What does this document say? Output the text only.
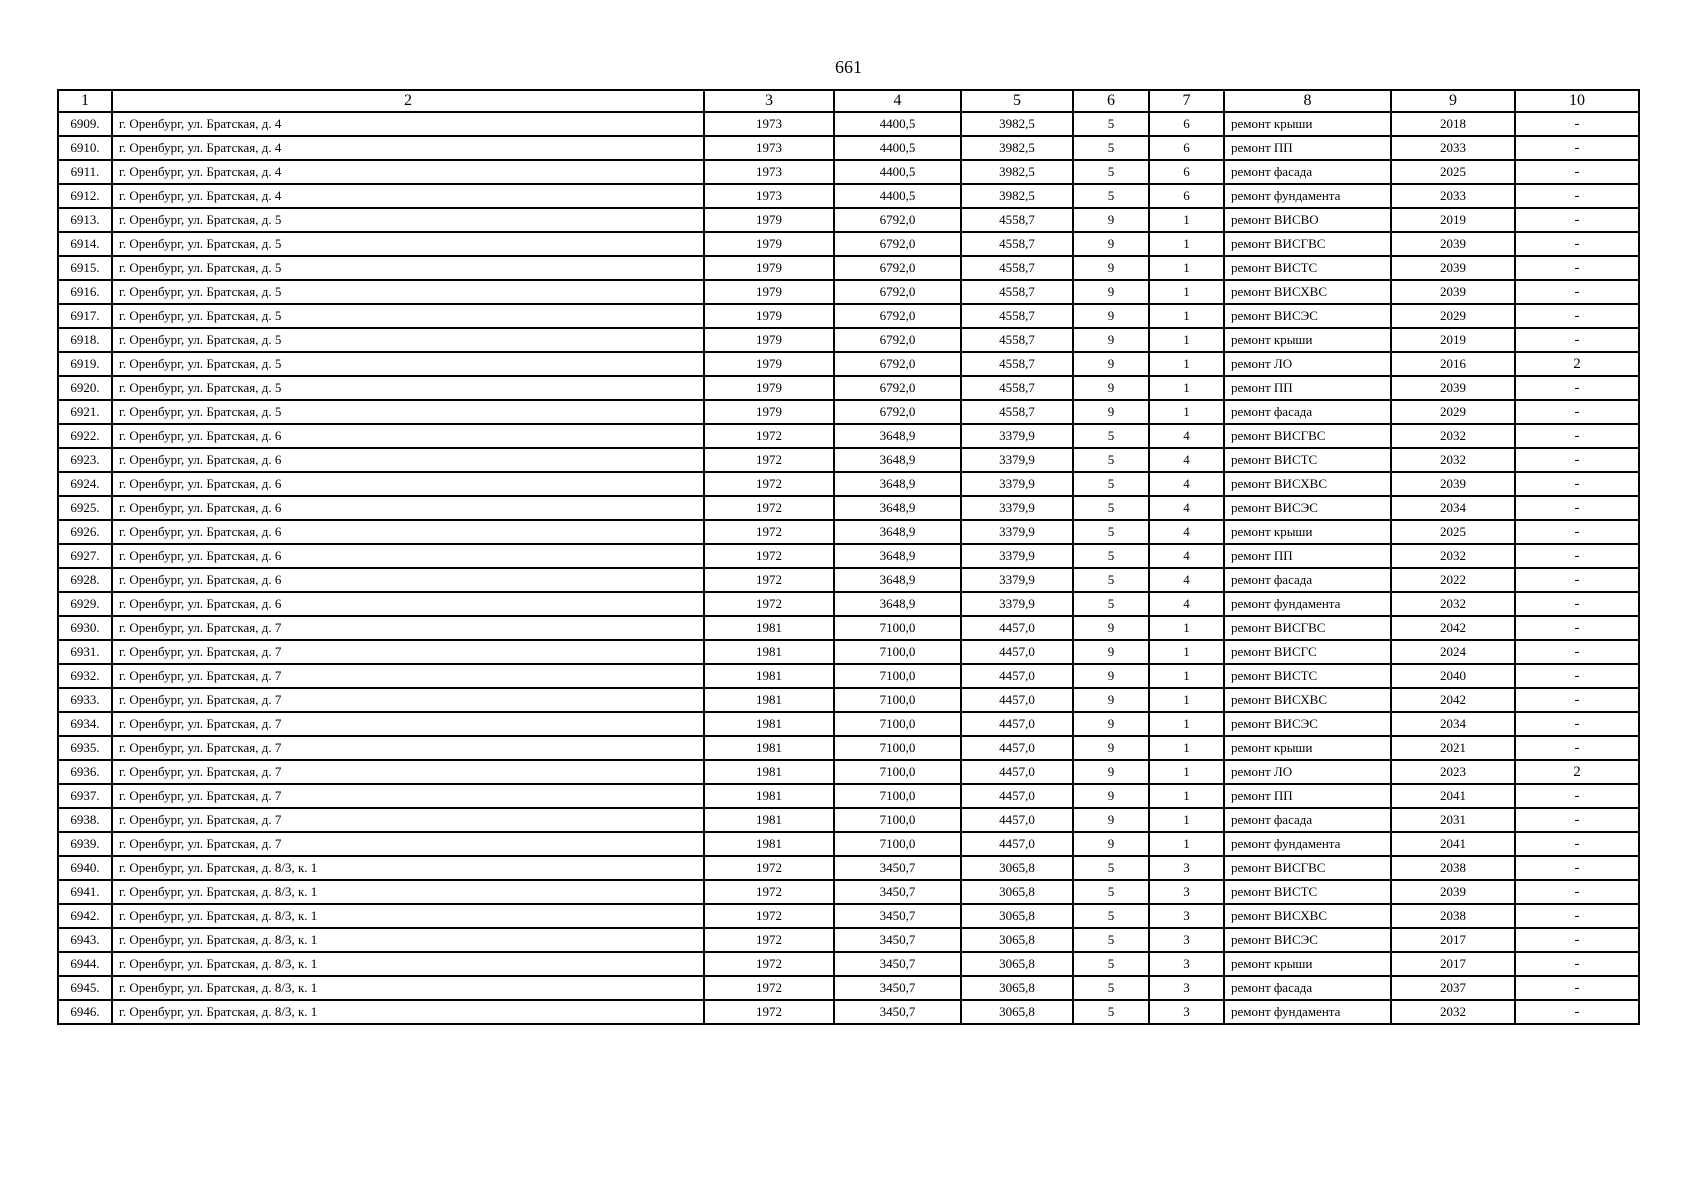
661
1	2	3	4	5	6	7	8	9	10
6909.	г. Оренбург, ул. Братская, д. 4	1973	4400,5	3982,5	5	6	ремонт крыши	2018	-
6910.	г. Оренбург, ул. Братская, д. 4	1973	4400,5	3982,5	5	6	ремонт ПП	2033	-
6911.	г. Оренбург, ул. Братская, д. 4	1973	4400,5	3982,5	5	6	ремонт фасада	2025	-
6912.	г. Оренбург, ул. Братская, д. 4	1973	4400,5	3982,5	5	6	ремонт фундамента	2033	-
6913.	г. Оренбург, ул. Братская, д. 5	1979	6792,0	4558,7	9	1	ремонт ВИСВО	2019	-
6914.	г. Оренбург, ул. Братская, д. 5	1979	6792,0	4558,7	9	1	ремонт ВИСГВС	2039	-
6915.	г. Оренбург, ул. Братская, д. 5	1979	6792,0	4558,7	9	1	ремонт ВИСТС	2039	-
6916.	г. Оренбург, ул. Братская, д. 5	1979	6792,0	4558,7	9	1	ремонт ВИСХВС	2039	-
6917.	г. Оренбург, ул. Братская, д. 5	1979	6792,0	4558,7	9	1	ремонт ВИСЭС	2029	-
6918.	г. Оренбург, ул. Братская, д. 5	1979	6792,0	4558,7	9	1	ремонт крыши	2019	-
6919.	г. Оренбург, ул. Братская, д. 5	1979	6792,0	4558,7	9	1	ремонт ЛО	2016	2
6920.	г. Оренбург, ул. Братская, д. 5	1979	6792,0	4558,7	9	1	ремонт ПП	2039	-
6921.	г. Оренбург, ул. Братская, д. 5	1979	6792,0	4558,7	9	1	ремонт фасада	2029	-
6922.	г. Оренбург, ул. Братская, д. 6	1972	3648,9	3379,9	5	4	ремонт ВИСГВС	2032	-
6923.	г. Оренбург, ул. Братская, д. 6	1972	3648,9	3379,9	5	4	ремонт ВИСТС	2032	-
6924.	г. Оренбург, ул. Братская, д. 6	1972	3648,9	3379,9	5	4	ремонт ВИСХВС	2039	-
6925.	г. Оренбург, ул. Братская, д. 6	1972	3648,9	3379,9	5	4	ремонт ВИСЭС	2034	-
6926.	г. Оренбург, ул. Братская, д. 6	1972	3648,9	3379,9	5	4	ремонт крыши	2025	-
6927.	г. Оренбург, ул. Братская, д. 6	1972	3648,9	3379,9	5	4	ремонт ПП	2032	-
6928.	г. Оренбург, ул. Братская, д. 6	1972	3648,9	3379,9	5	4	ремонт фасада	2022	-
6929.	г. Оренбург, ул. Братская, д. 6	1972	3648,9	3379,9	5	4	ремонт фундамента	2032	-
6930.	г. Оренбург, ул. Братская, д. 7	1981	7100,0	4457,0	9	1	ремонт ВИСГВС	2042	-
6931.	г. Оренбург, ул. Братская, д. 7	1981	7100,0	4457,0	9	1	ремонт ВИСГС	2024	-
6932.	г. Оренбург, ул. Братская, д. 7	1981	7100,0	4457,0	9	1	ремонт ВИСТС	2040	-
6933.	г. Оренбург, ул. Братская, д. 7	1981	7100,0	4457,0	9	1	ремонт ВИСХВС	2042	-
6934.	г. Оренбург, ул. Братская, д. 7	1981	7100,0	4457,0	9	1	ремонт ВИСЭС	2034	-
6935.	г. Оренбург, ул. Братская, д. 7	1981	7100,0	4457,0	9	1	ремонт крыши	2021	-
6936.	г. Оренбург, ул. Братская, д. 7	1981	7100,0	4457,0	9	1	ремонт ЛО	2023	2
6937.	г. Оренбург, ул. Братская, д. 7	1981	7100,0	4457,0	9	1	ремонт ПП	2041	-
6938.	г. Оренбург, ул. Братская, д. 7	1981	7100,0	4457,0	9	1	ремонт фасада	2031	-
6939.	г. Оренбург, ул. Братская, д. 7	1981	7100,0	4457,0	9	1	ремонт фундамента	2041	-
6940.	г. Оренбург, ул. Братская, д. 8/3, к. 1	1972	3450,7	3065,8	5	3	ремонт ВИСГВС	2038	-
6941.	г. Оренбург, ул. Братская, д. 8/3, к. 1	1972	3450,7	3065,8	5	3	ремонт ВИСТС	2039	-
6942.	г. Оренбург, ул. Братская, д. 8/3, к. 1	1972	3450,7	3065,8	5	3	ремонт ВИСХВС	2038	-
6943.	г. Оренбург, ул. Братская, д. 8/3, к. 1	1972	3450,7	3065,8	5	3	ремонт ВИСЭС	2017	-
6944.	г. Оренбург, ул. Братская, д. 8/3, к. 1	1972	3450,7	3065,8	5	3	ремонт крыши	2017	-
6945.	г. Оренбург, ул. Братская, д. 8/3, к. 1	1972	3450,7	3065,8	5	3	ремонт фасада	2037	-
6946.	г. Оренбург, ул. Братская, д. 8/3, к. 1	1972	3450,7	3065,8	5	3	ремонт фундамента	2032	-
